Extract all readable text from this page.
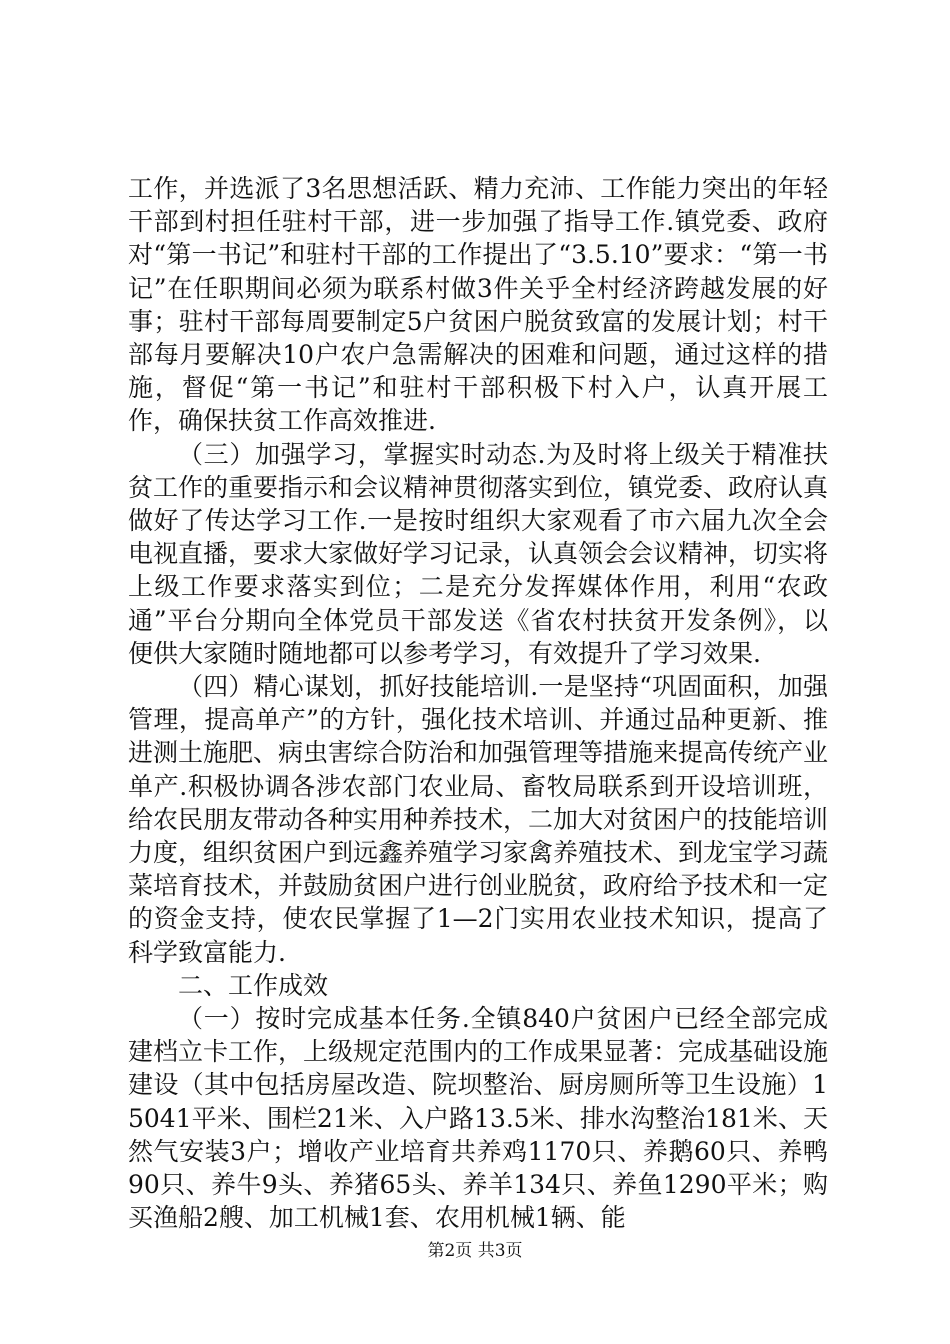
工作，并选派了3名思想活跃、精力充沛、工作能力突出的年轻干部到村担任驻村干部，进一步加强了指导工作.镇党委、政府对“第一书记”和驻村干部的工作提出了“3.5.10”要求：“第一书记”在任职期间必须为联系村做3件关乎全村经济跨越发展的好事；驻村干部每周要制定5户贫困户脱贫致富的发展计划；村干部每月要解决10户农户急需解决的困难和问题，通过这样的措施，督促“第一书记”和驻村干部积极下村入户，认真开展工作，确保扶贫工作高效推进.

（三）加强学习，掌握实时动态.为及时将上级关于精准扶贫工作的重要指示和会议精神贯彻落实到位，镇党委、政府认真做好了传达学习工作.一是按时组织大家观看了市六届九次全会电视直播，要求大家做好学习记录，认真领会会议精神，切实将上级工作要求落实到位；二是充分发挥媒体作用，利用“农政通”平台分期向全体党员干部发送《省农村扶贫开发条例》，以便供大家随时随地都可以参考学习，有效提升了学习效果.

（四）精心谋划，抓好技能培训.一是坚持“巩固面积，加强管理，提高单产”的方针，强化技术培训、并通过品种更新、推进测土施肥、病虫害综合防治和加强管理等措施来提高传统产业单产.积极协调各涉农部门农业局、畜牧局联系到开设培训班，给农民朋友带动各种实用种养技术，二加大对贫困户的技能培训力度，组织贫困户到远鑫养殖学习家禽养殖技术、到龙宝学习蔬菜培育技术，并鼓励贫困户进行创业脱贫，政府给予技术和一定的资金支持，使农民掌握了1—2门实用农业技术知识，提高了科学致富能力.

二、工作成效

（一）按时完成基本任务.全镇840户贫困户已经全部完成建档立卡工作，上级规定范围内的工作成果显著：完成基础设施建设（其中包括房屋改造、院坝整治、厨房厕所等卫生设施）15041平米、围栏21米、入户路13.5米、排水沟整治181米、天然气安装3户；增收产业培育共养鸡1170只、养鹅60只、养鸭90只、养牛9头、养猪65头、养羊134只、养鱼1290平米；购买渔船2艘、加工机械1套、农用机械1辆、能

第2页 共3页
